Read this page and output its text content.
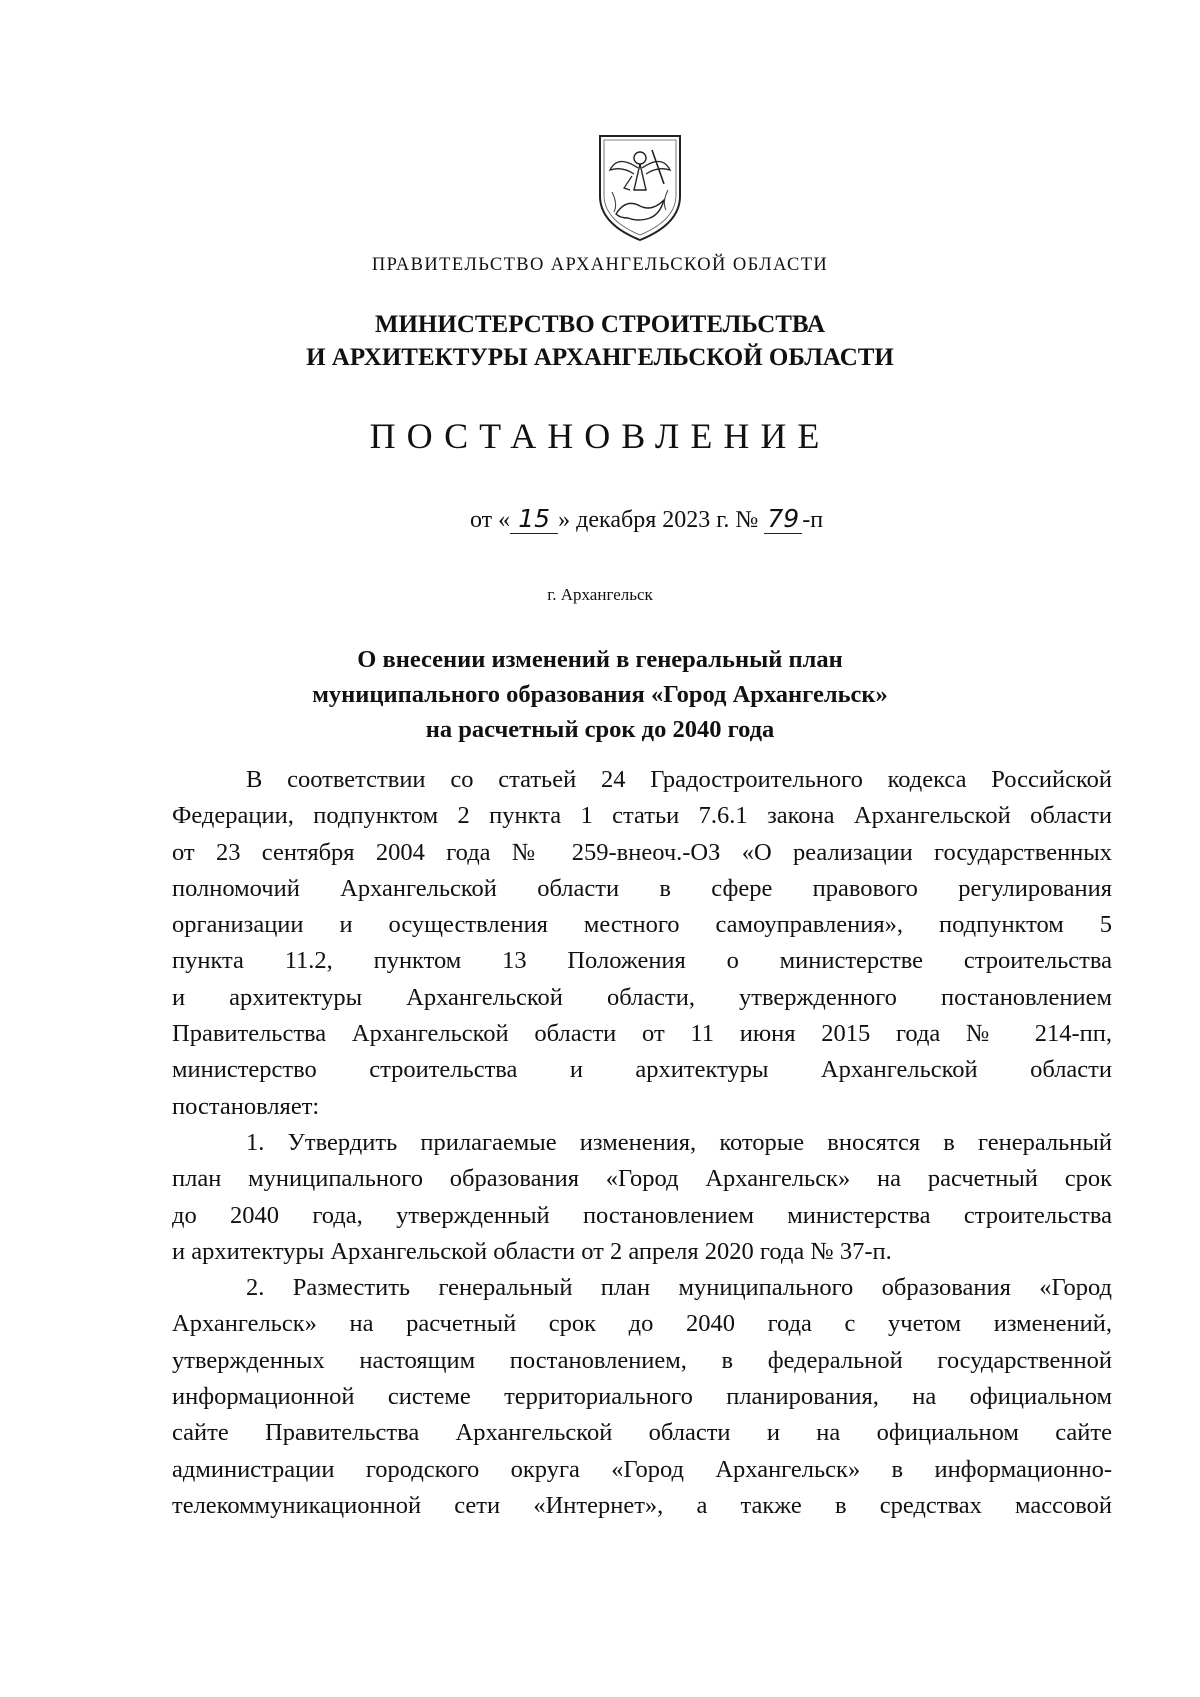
ПРАВИТЕЛЬСТВО АРХАНГЕЛЬСКОЙ ОБЛАСТИ
МИНИСТЕРСТВО СТРОИТЕЛЬСТВА
И АРХИТЕКТУРЫ АРХАНГЕЛЬСКОЙ ОБЛАСТИ
ПОСТАНОВЛЕНИЕ
от « 15 » декабря 2023 г. № 79 -п
г. Архангельск
О внесении изменений в генеральный план
муниципального образования «Город Архангельск»
на расчетный срок до 2040 года
В соответствии со статьей 24 Градостроительного кодекса Российской
Федерации, подпунктом 2 пункта 1 статьи 7.6.1 закона Архангельской области
от 23 сентября 2004 года № 259-внеоч.-ОЗ «О реализации государственных
полномочий Архангельской области в сфере правового регулирования
организации и осуществления местного самоуправления», подпунктом 5
пункта 11.2, пунктом 13 Положения о министерстве строительства
и архитектуры Архангельской области, утвержденного постановлением
Правительства Архангельской области от 11 июня 2015 года № 214-пп,
министерство строительства и архитектуры Архангельской области
постановляет:
1. Утвердить прилагаемые изменения, которые вносятся в генеральный
план муниципального образования «Город Архангельск» на расчетный срок
до 2040 года, утвержденный постановлением министерства строительства
и архитектуры Архангельской области от 2 апреля 2020 года № 37-п.
2. Разместить генеральный план муниципального образования «Город
Архангельск» на расчетный срок до 2040 года с учетом изменений,
утвержденных настоящим постановлением, в федеральной государственной
информационной системе территориального планирования, на официальном
сайте Правительства Архангельской области и на официальном сайте
администрации городского округа «Город Архангельск» в информационно-
телекоммуникационной сети «Интернет», а также в средствах массовой
